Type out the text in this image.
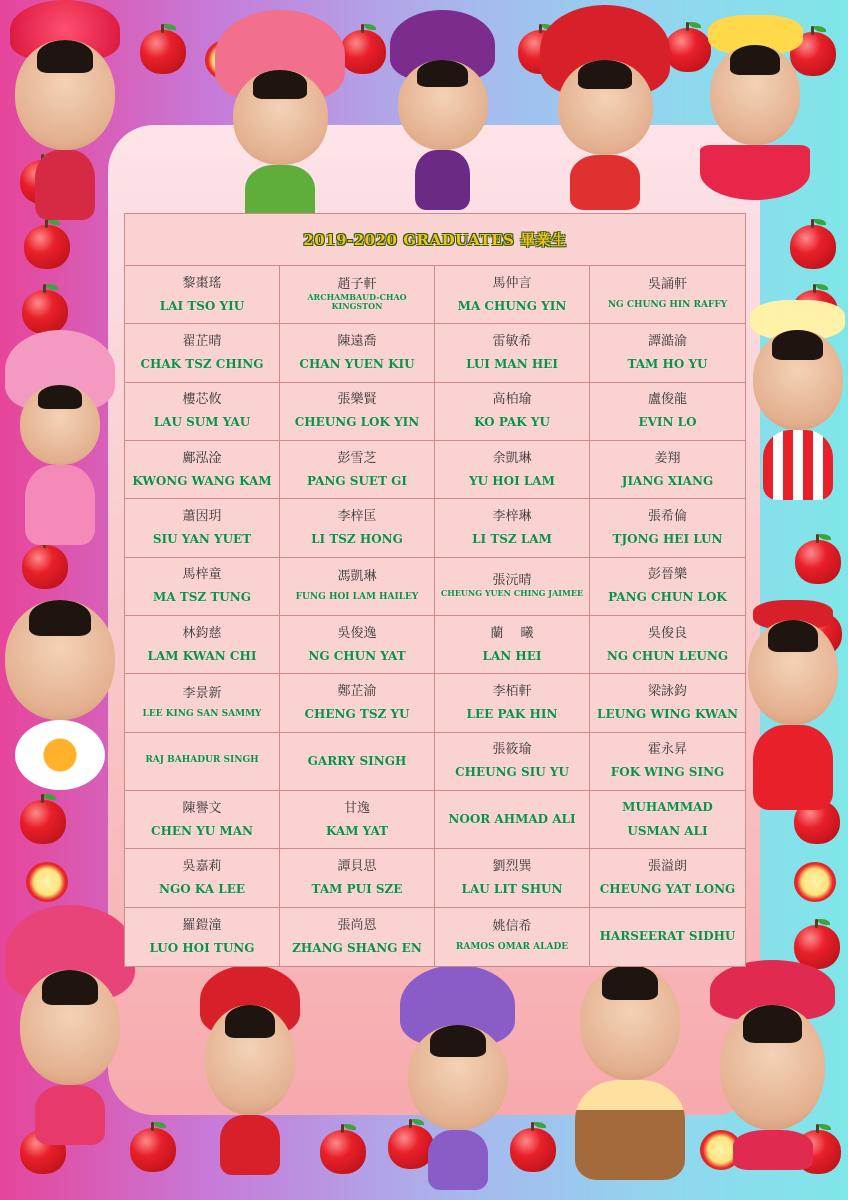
2019-2020 GRADUATES 畢業生
黎棗瑤
LAI TSO YIU
趙子軒
ARCHAMBAUD-CHAO KINGSTON
馬仲言
MA CHUNG YIN
吳誦軒
NG CHUNG HIN RAFFY
翟芷晴
CHAK TSZ CHING
陳遠喬
CHAN YUEN KIU
雷敏希
LUI MAN HEI
譚澔渝
TAM HO YU
樓芯攸
LAU SUM YAU
張樂賢
CHEUNG LOK YIN
高柏瑜
KO PAK YU
盧俊龍
EVIN LO
鄺泓淦
KWONG WANG KAM
彭雪芝
PANG SUET GI
余凱琳
YU HOI LAM
姜翔
JIANG XIANG
蕭因玥
SIU YAN YUET
李梓匡
LI TSZ HONG
李梓琳
LI TSZ LAM
張希倫
TJONG HEI LUN
馬梓童
MA TSZ TUNG
馮凱琳
FUNG HOI LAM HAILEY
張沅晴
CHEUNG YUEN CHING JAIMEE
彭晉樂
PANG CHUN LOK
林鈞慈
LAM KWAN CHI
吳俊逸
NG CHUN YAT
蘭　 曦
LAN HEI
吳俊良
NG CHUN LEUNG
李景新
LEE KING SAN SAMMY
鄭芷渝
CHENG TSZ YU
李栢軒
LEE PAK HIN
梁詠鈞
LEUNG WING KWAN
RAJ BAHADUR SINGH	GARRY SINGH
張筱瑜
CHEUNG SIU YU
霍永昇
FOK WING SING
陳譽文
CHEN YU MAN
甘逸
KAM YAT
NOOR AHMAD ALI
MUHAMMAD
USMAN ALI
吳嘉莉
NGO KA LEE
譚貝思
TAM PUI SZE
劉烈巽
LAU LIT SHUN
張溢朗
CHEUNG YAT LONG
羅鎧潼
LUO HOI TUNG
張尚恩
ZHANG SHANG EN
姚信希
RAMOS OMAR ALADE
HARSEERAT SIDHU
